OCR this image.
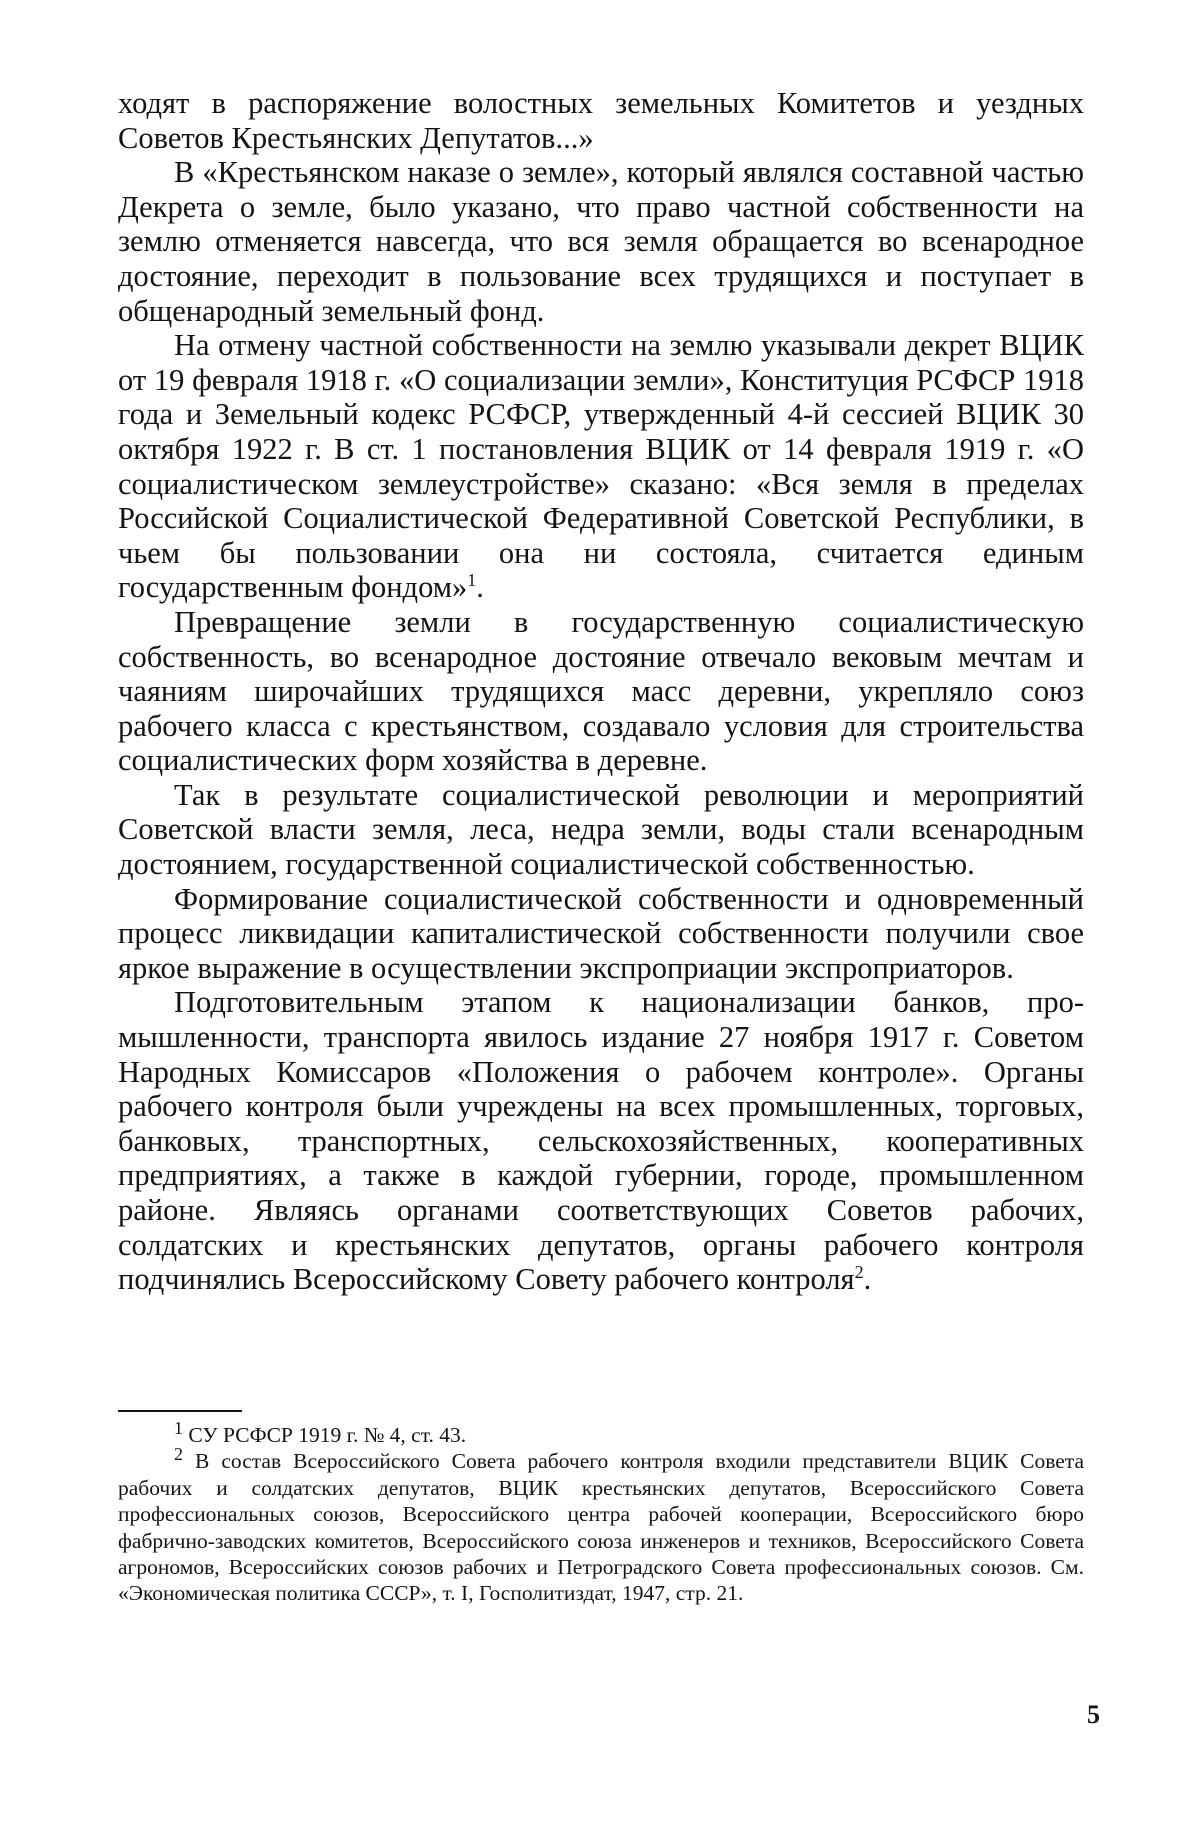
ходят в распоряжение волостных земельных Комитетов и уездных Советов Крестьянских Депутатов...»

В «Крестьянском наказе о земле», который являлся составной частью Декрета о земле, было указано, что право частной собственности на землю отменяется навсегда, что вся земля обращается во всенародное достояние, переходит в пользование всех трудящихся и поступает в общенародный земельный фонд.

На отмену частной собственности на землю указывали декрет ВЦИК от 19 февраля 1918 г. «О социализации земли», Конституция РСФСР 1918 года и Земельный кодекс РСФСР, утвержденный 4-й сессией ВЦИК 30 октября 1922 г. В ст. 1 постановления ВЦИК от 14 февраля 1919 г. «О социалистическом землеустройстве» сказано: «Вся земля в пределах Российской Социалистической Федеративной Советской Республики, в чьем бы пользовании она ни состояла, считается единым государственным фондом»$^1$.

Превращение земли в государственную социалистическую собственность, во всенародное достояние отвечало вековым мечтам и чаяниям широчайших трудящихся масс деревни, укрепляло союз рабочего класса с крестьянством, создавало условия для строительства социалистических форм хозяйства в деревне.

Так в результате социалистической революции и мероприятий Советской власти земля, леса, недра земли, воды стали всенародным достоянием, государственной социалистической собственностью.

Формирование социалистической собственности и одновременный процесс ликвидации капиталистической собственности получили свое яркое выражение в осуществлении экспроприации экспроприаторов.

Подготовительным этапом к национализации банков, промышленности, транспорта явилось издание 27 ноября 1917 г. Советом Народных Комиссаров «Положения о рабочем контроле». Органы рабочего контроля были учреждены на всех промышленных, торговых, банковых, транспортных, сельскохозяйственных, кооперативных предприятиях, а также в каждой губернии, городе, промышленном районе. Являясь органами соответствующих Советов рабочих, солдатских и крестьянских депутатов, органы рабочего контроля подчинялись Всероссийскому Совету рабочего контроля$^2$.

$^1$ СУ РСФСР 1919 г. № 4, ст. 43.

$^2$ В состав Всероссийского Совета рабочего контроля входили представители ВЦИК Совета рабочих и солдатских депутатов, ВЦИК крестьянских депутатов, Всероссийского Совета профессиональных союзов, Всероссийского центра рабочей кооперации, Всероссийского бюро фабрично-заводских комитетов, Всероссийского союза инженеров и техников, Всероссийского Совета агрономов, Всероссийских союзов рабочих и Петроградского Совета профессиональных союзов. См. «Экономическая политика СССР», т. I, Госполитиздат, 1947, стр. 21.

5
